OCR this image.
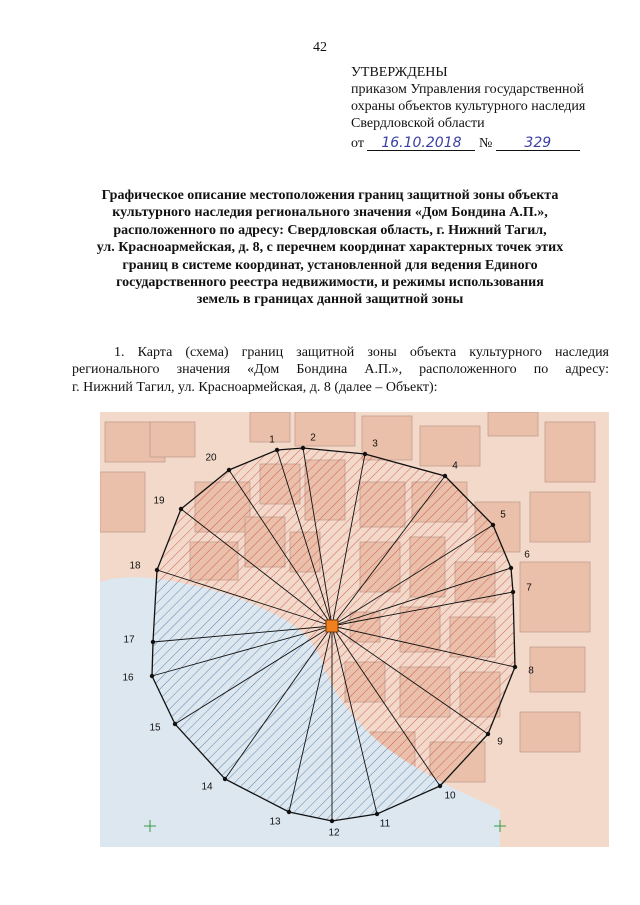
42
УТВЕРЖДЕНЫ
приказом Управления государственной
охраны объектов культурного наследия
Свердловской области
от 16.10.2018 № 329
Графическое описание местоположения границ защитной зоны объекта
культурного наследия регионального значения «Дом Бондина А.П.»,
расположенного по адресу: Свердловская область, г. Нижний Тагил,
ул. Красноармейская, д. 8, с перечнем координат характерных точек этих
границ в системе координат, установленной для ведения Единого
государственного реестра недвижимости, и режимы использования
земель в границах данной защитной зоны
1. Карта (схема) границ защитной зоны объекта культурного наследия
регионального значения «Дом Бондина А.П.», расположенного по адресу:
г. Нижний Тагил, ул. Красноармейская, д. 8 (далее – Объект):
1	2
3
4
5
6
7
8
9
10
11
12
13
14
15
16
17
18
19
20
